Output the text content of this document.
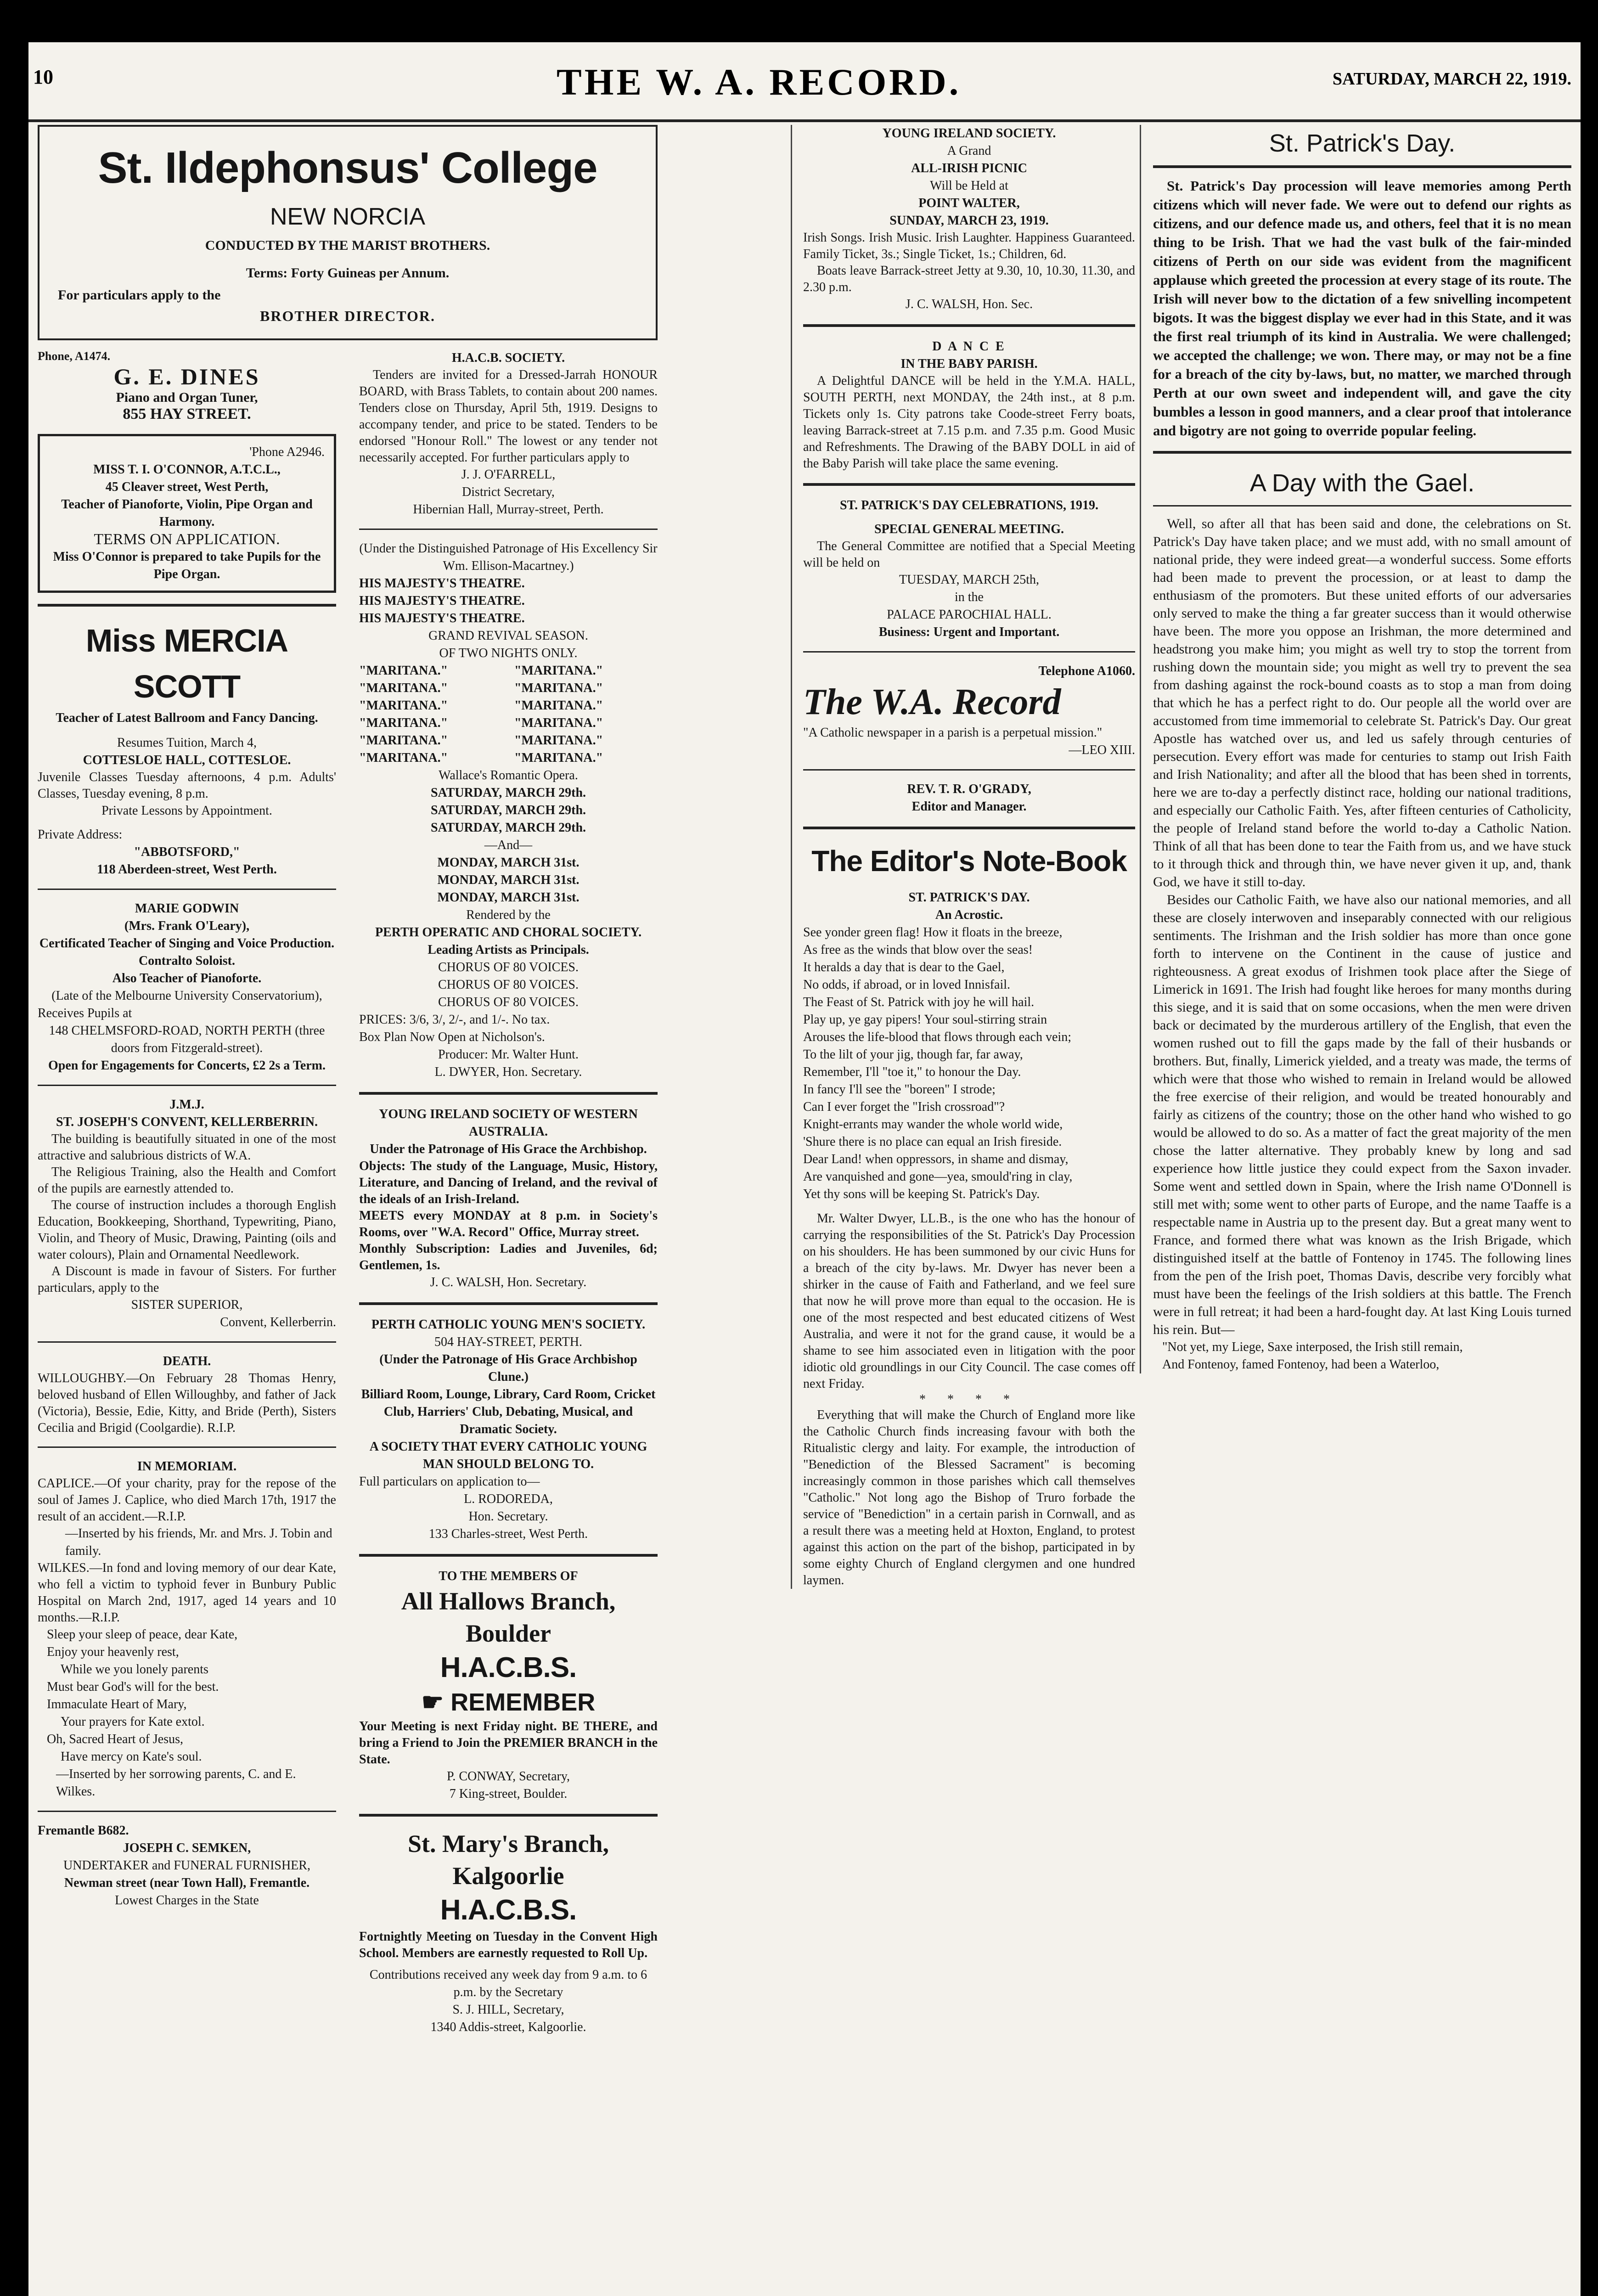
10	THE W. A. RECORD.	SATURDAY, MARCH 22, 1919.
St. Ildephonsus' College
NEW NORCIA
CONDUCTED BY THE MARIST BROTHERS.
Terms: Forty Guineas per Annum.
For particulars apply to the
BROTHER DIRECTOR.
Phone, A1474.
G. E. DINES
Piano and Organ Tuner,
855 HAY STREET.
'Phone A2946.
MISS T. I. O'CONNOR, A.T.C.L.,
45 Cleaver street, West Perth,
Teacher of Pianoforte, Violin, Pipe Organ and Harmony.
TERMS ON APPLICATION.
Miss O'Connor is prepared to take Pupils for the Pipe Organ.
Miss MERCIA SCOTT
Teacher of Latest Ballroom and Fancy Dancing.
Resumes Tuition, March 4,
COTTESLOE HALL, COTTESLOE.
Juvenile Classes Tuesday afternoons, 4 p.m. Adults' Classes, Tuesday evening, 8 p.m.
Private Lessons by Appointment.
Private Address:
"ABBOTSFORD,"
118 Aberdeen-street, West Perth.
MARIE GODWIN
(Mrs. Frank O'Leary),
Certificated Teacher of Singing and Voice Production.
Contralto Soloist.
Also Teacher of Pianoforte.
(Late of the Melbourne University Conservatorium),
Receives Pupils at
148 CHELMSFORD-ROAD, NORTH PERTH (three doors from Fitzgerald-street).
Open for Engagements for Concerts, £2 2s a Term.
J.M.J.
ST. JOSEPH'S CONVENT, KELLERBERRIN.
The building is beautifully situated in one of the most attractive and salubrious districts of W.A.
The Religious Training, also the Health and Comfort of the pupils are earnestly attended to.
The course of instruction includes a thorough English Education, Bookkeeping, Shorthand, Typewriting, Piano, Violin, and Theory of Music, Drawing, Painting (oils and water colours), Plain and Ornamental Needlework.
A Discount is made in favour of Sisters. For further particulars, apply to the
SISTER SUPERIOR,
Convent, Kellerberrin.
DEATH.
WILLOUGHBY.—On February 28 Thomas Henry, beloved husband of Ellen Willoughby, and father of Jack (Victoria), Bessie, Edie, Kitty, and Bride (Perth), Sisters Cecilia and Brigid (Coolgardie). R.I.P.
IN MEMORIAM.
CAPLICE.—Of your charity, pray for the repose of the soul of James J. Caplice, who died March 17th, 1917 the result of an accident.—R.I.P.
—Inserted by his friends, Mr. and Mrs. J. Tobin and family.
WILKES.—In fond and loving memory of our dear Kate, who fell a victim to typhoid fever in Bunbury Public Hospital on March 2nd, 1917, aged 14 years and 10 months.—R.I.P.
Sleep your sleep of peace, dear Kate,
Enjoy your heavenly rest,
While we you lonely parents
Must bear God's will for the best.
Immaculate Heart of Mary,
Your prayers for Kate extol.
Oh, Sacred Heart of Jesus,
Have mercy on Kate's soul.
—Inserted by her sorrowing parents, C. and E. Wilkes.
Fremantle B682.
JOSEPH C. SEMKEN,
UNDERTAKER and FUNERAL FURNISHER,
Newman street (near Town Hall), Fremantle.
Lowest Charges in the State
H.A.C.B. SOCIETY.
Tenders are invited for a Dressed-Jarrah HONOUR BOARD, with Brass Tablets, to contain about 200 names. Tenders close on Thursday, April 5th, 1919. Designs to accompany tender, and price to be stated. Tenders to be endorsed "Honour Roll." The lowest or any tender not necessarily accepted. For further particulars apply to
J. J. O'FARRELL,
District Secretary,
Hibernian Hall, Murray-street, Perth.
(Under the Distinguished Patronage of His Excellency Sir Wm. Ellison-Macartney.)
HIS MAJESTY'S THEATRE.
HIS MAJESTY'S THEATRE.
HIS MAJESTY'S THEATRE.
GRAND REVIVAL SEASON.
OF TWO NIGHTS ONLY.
"MARITANA."	"MARITANA."
"MARITANA."	"MARITANA."
"MARITANA."	"MARITANA."
"MARITANA."	"MARITANA."
"MARITANA."	"MARITANA."
"MARITANA."	"MARITANA."
Wallace's Romantic Opera.
SATURDAY, MARCH 29th.
SATURDAY, MARCH 29th.
SATURDAY, MARCH 29th.
—And—
MONDAY, MARCH 31st.
MONDAY, MARCH 31st.
MONDAY, MARCH 31st.
Rendered by the
PERTH OPERATIC AND CHORAL SOCIETY.
Leading Artists as Principals.
CHORUS OF 80 VOICES.
CHORUS OF 80 VOICES.
CHORUS OF 80 VOICES.
PRICES: 3/6, 3/, 2/-, and 1/-. No tax.
Box Plan Now Open at Nicholson's.
Producer: Mr. Walter Hunt.
L. DWYER, Hon. Secretary.
YOUNG IRELAND SOCIETY OF WESTERN AUSTRALIA.
Under the Patronage of His Grace the Archbishop.
Objects: The study of the Language, Music, History, Literature, and Dancing of Ireland, and the revival of the ideals of an Irish-Ireland.
MEETS every MONDAY at 8 p.m. in Society's Rooms, over "W.A. Record" Office, Murray street.
Monthly Subscription: Ladies and Juveniles, 6d; Gentlemen, 1s.
J. C. WALSH, Hon. Secretary.
PERTH CATHOLIC YOUNG MEN'S SOCIETY.
504 HAY-STREET, PERTH.
(Under the Patronage of His Grace Archbishop Clune.)
Billiard Room, Lounge, Library, Card Room, Cricket Club, Harriers' Club, Debating, Musical, and Dramatic Society.
A SOCIETY THAT EVERY CATHOLIC YOUNG MAN SHOULD BELONG TO.
Full particulars on application to—
L. RODOREDA,
Hon. Secretary.
133 Charles-street, West Perth.
TO THE MEMBERS OF
All Hallows Branch, Boulder
H.A.C.B.S.
☛ REMEMBER
Your Meeting is next Friday night. BE THERE, and bring a Friend to Join the PREMIER BRANCH in the State.
P. CONWAY, Secretary,
7 King-street, Boulder.
St. Mary's Branch, Kalgoorlie
H.A.C.B.S.
Fortnightly Meeting on Tuesday in the Convent High School. Members are earnestly requested to Roll Up.
Contributions received any week day from 9 a.m. to 6 p.m. by the Secretary
S. J. HILL, Secretary,
1340 Addis-street, Kalgoorlie.
YOUNG IRELAND SOCIETY.
A Grand
ALL-IRISH PICNIC
Will be Held at
POINT WALTER,
SUNDAY, MARCH 23, 1919.
Irish Songs. Irish Music. Irish Laughter. Happiness Guaranteed. Family Ticket, 3s.; Single Ticket, 1s.; Children, 6d.
Boats leave Barrack-street Jetty at 9.30, 10, 10.30, 11.30, and 2.30 p.m.
J. C. WALSH, Hon. Sec.
D A N C E
IN THE BABY PARISH.
A Delightful DANCE will be held in the Y.M.A. HALL, SOUTH PERTH, next MONDAY, the 24th inst., at 8 p.m. Tickets only 1s. City patrons take Coode-street Ferry boats, leaving Barrack-street at 7.15 p.m. and 7.35 p.m. Good Music and Refreshments. The Drawing of the BABY DOLL in aid of the Baby Parish will take place the same evening.
ST. PATRICK'S DAY CELEBRATIONS, 1919.
SPECIAL GENERAL MEETING.
The General Committee are notified that a Special Meeting will be held on
TUESDAY, MARCH 25th,
in the
PALACE PAROCHIAL HALL.
Business: Urgent and Important.
Telephone A1060.
The W.A. Record
"A Catholic newspaper in a parish is a perpetual mission."
—LEO XIII.
REV. T. R. O'GRADY,
Editor and Manager.
The Editor's Note-Book
ST. PATRICK'S DAY.
An Acrostic.

See yonder green flag! How it floats in the breeze,

As free as the winds that blow over the seas!

It heralds a day that is dear to the Gael,

No odds, if abroad, or in loved Innisfail.

The Feast of St. Patrick with joy he will hail.

Play up, ye gay pipers! Your soul-stirring strain

Arouses the life-blood that flows through each vein;

To the lilt of your jig, though far, far away,

Remember, I'll "toe it," to honour the Day.

In fancy I'll see the "boreen" I strode;

Can I ever forget the "Irish crossroad"?

Knight-errants may wander the whole world wide,

'Shure there is no place can equal an Irish fireside.

Dear Land! when oppressors, in shame and dismay,

Are vanquished and gone—yea, smould'ring in clay,

Yet thy sons will be keeping St. Patrick's Day.

Mr. Walter Dwyer, LL.B., is the one who has the honour of carrying the responsibilities of the St. Patrick's Day Procession on his shoulders. He has been summoned by our civic Huns for a breach of the city by-laws. Mr. Dwyer has never been a shirker in the cause of Faith and Fatherland, and we feel sure that now he will prove more than equal to the occasion. He is one of the most respected and best educated citizens of West Australia, and were it not for the grand cause, it would be a shame to see him associated even in litigation with the poor idiotic old groundlings in our City Council. The case comes off next Friday.
* * * *
Everything that will make the Church of England more like the Catholic Church finds increasing favour with both the Ritualistic clergy and laity. For example, the introduction of "Benediction of the Blessed Sacrament" is becoming increasingly common in those parishes which call themselves "Catholic." Not long ago the Bishop of Truro forbade the service of "Benediction" in a certain parish in Cornwall, and as a result there was a meeting held at Hoxton, England, to protest against this action on the part of the bishop, participated in by some eighty Church of England clergymen and one hundred laymen.
St. Patrick's Day.
St. Patrick's Day procession will leave memories among Perth citizens which will never fade. We were out to defend our rights as citizens, and our defence made us, and others, feel that it is no mean thing to be Irish. That we had the vast bulk of the fair-minded citizens of Perth on our side was evident from the magnificent applause which greeted the procession at every stage of its route. The Irish will never bow to the dictation of a few snivelling incompetent bigots. It was the biggest display we ever had in this State, and it was the first real triumph of its kind in Australia. We were challenged; we accepted the challenge; we won. There may, or may not be a fine for a breach of the city by-laws, but, no matter, we marched through Perth at our own sweet and independent will, and gave the city bumbles a lesson in good manners, and a clear proof that intolerance and bigotry are not going to override popular feeling.
A Day with the Gael.
Well, so after all that has been said and done, the celebrations on St. Patrick's Day have taken place; and we must add, with no small amount of national pride, they were indeed great—a wonderful success. Some efforts had been made to prevent the procession, or at least to damp the enthusiasm of the promoters. But these united efforts of our adversaries only served to make the thing a far greater success than it would otherwise have been. The more you oppose an Irishman, the more determined and headstrong you make him; you might as well try to stop the torrent from rushing down the mountain side; you might as well try to prevent the sea from dashing against the rock-bound coasts as to stop a man from doing that which he has a perfect right to do. Our people all the world over are accustomed from time immemorial to celebrate St. Patrick's Day. Our great Apostle has watched over us, and led us safely through centuries of persecution. Every effort was made for centuries to stamp out Irish Faith and Irish Nationality; and after all the blood that has been shed in torrents, here we are to-day a perfectly distinct race, holding our national traditions, and especially our Catholic Faith. Yes, after fifteen centuries of Catholicity, the people of Ireland stand before the world to-day a Catholic Nation. Think of all that has been done to tear the Faith from us, and we have stuck to it through thick and through thin, we have never given it up, and, thank God, we have it still to-day.
Besides our Catholic Faith, we have also our national memories, and all these are closely interwoven and inseparably connected with our religious sentiments. The Irishman and the Irish soldier has more than once gone forth to intervene on the Continent in the cause of justice and righteousness. A great exodus of Irishmen took place after the Siege of Limerick in 1691. The Irish had fought like heroes for many months during this siege, and it is said that on some occasions, when the men were driven back or decimated by the murderous artillery of the English, that even the women rushed out to fill the gaps made by the fall of their husbands or brothers. But, finally, Limerick yielded, and a treaty was made, the terms of which were that those who wished to remain in Ireland would be allowed the free exercise of their religion, and would be treated honourably and fairly as citizens of the country; those on the other hand who wished to go would be allowed to do so. As a matter of fact the great majority of the men chose the latter alternative. They probably knew by long and sad experience how little justice they could expect from the Saxon invader. Some went and settled down in Spain, where the Irish name O'Donnell is still met with; some went to other parts of Europe, and the name Taaffe is a respectable name in Austria up to the present day. But a great many went to France, and formed there what was known as the Irish Brigade, which distinguished itself at the battle of Fontenoy in 1745. The following lines from the pen of the Irish poet, Thomas Davis, describe very forcibly what must have been the feelings of the Irish soldiers at this battle. The French were in full retreat; it had been a hard-fought day. At last King Louis turned his rein. But—
"Not yet, my Liege, Saxe interposed, the Irish still remain,
And Fontenoy, famed Fontenoy, had been a Waterloo,
